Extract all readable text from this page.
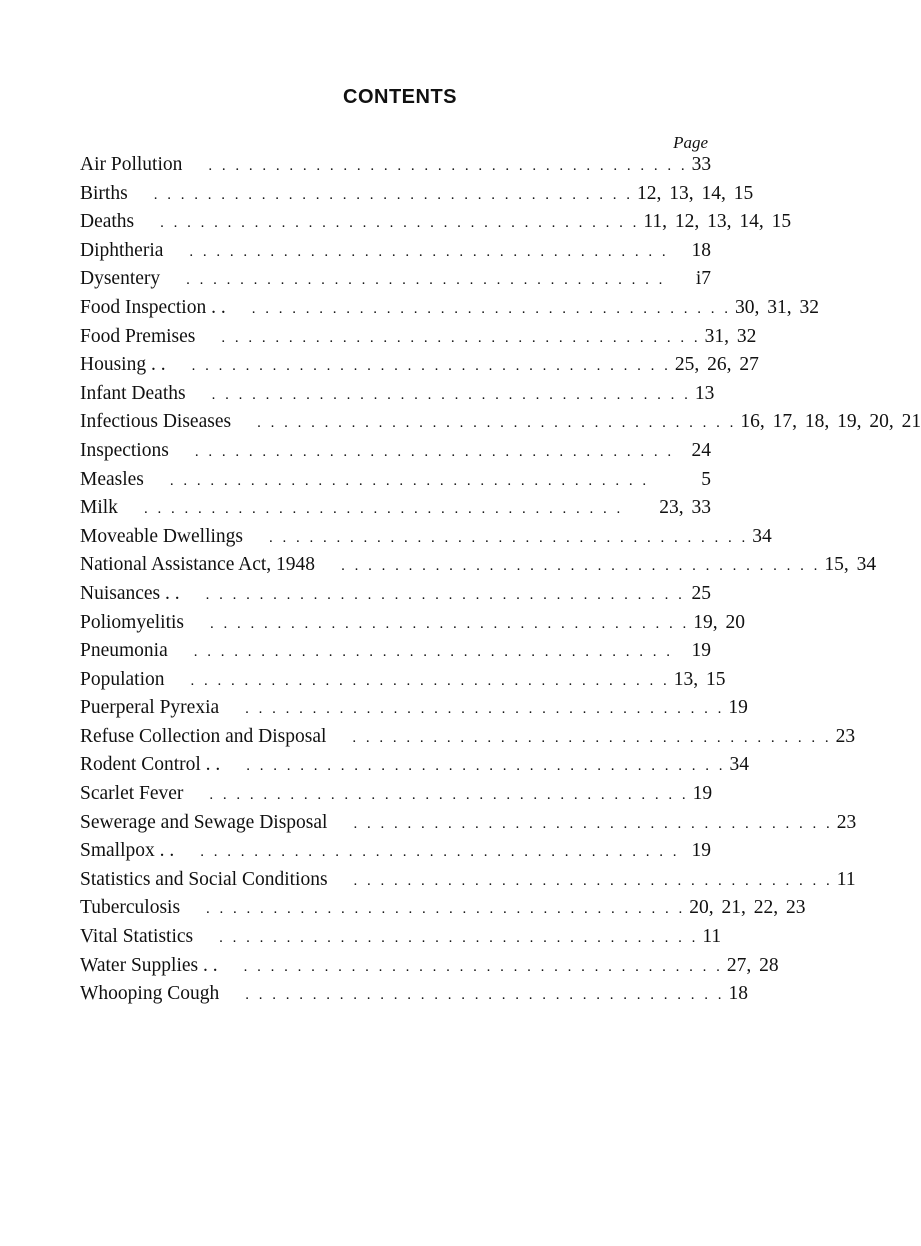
CONTENTS
Page
Air Pollution	. . . . . . . . . . . . . . . . . . . . . . . . . . . . . . . . . . . . 33
Births	. . . . . . . . . . . . . . . . . . . . . . . . . . . . . . . . . . . . 12, 13, 14, 15
Deaths	. . . . . . . . . . . . . . . . . . . . . . . . . . . . . . . . . . . . 11, 12, 13, 14, 15
Diphtheria	. . . . . . . . . . . . . . . . . . . . . . . . . . . . . . . . . . . .	18
Dysentery	. . . . . . . . . . . . . . . . . . . . . . . . . . . . . . . . . . . .	i7
Food Inspection . .	. . . . . . . . . . . . . . . . . . . . . . . . . . . . . . . . . . . . 30, 31, 32
Food Premises	. . . . . . . . . . . . . . . . . . . . . . . . . . . . . . . . . . . . 31, 32
Housing . .	. . . . . . . . . . . . . . . . . . . . . . . . . . . . . . . . . . . . 25, 26, 27
Infant Deaths	. . . . . . . . . . . . . . . . . . . . . . . . . . . . . . . . . . . . 13
Infectious Diseases	. . . . . . . . . . . . . . . . . . . . . . . . . . . . . . . . . . . . 16, 17, 18, 19, 20, 21
Inspections	. . . . . . . . . . . . . . . . . . . . . . . . . . . . . . . . . . . . 24
Measles	. . . . . . . . . . . . . . . . . . . . . . . . . . . . . . . . . . . .	5
Milk	. . . . . . . . . . . . . . . . . . . . . . . . . . . . . . . . . . . .	23, 33
Moveable Dwellings	. . . . . . . . . . . . . . . . . . . . . . . . . . . . . . . . . . . . 34
National Assistance Act, 1948	. . . . . . . . . . . . . . . . . . . . . . . . . . . . . . . . . . . . 15, 34
Nuisances . .	. . . . . . . . . . . . . . . . . . . . . . . . . . . . . . . . . . . . 25
Poliomyelitis	. . . . . . . . . . . . . . . . . . . . . . . . . . . . . . . . . . . . 19, 20
Pneumonia	. . . . . . . . . . . . . . . . . . . . . . . . . . . . . . . . . . . . 19
Population	. . . . . . . . . . . . . . . . . . . . . . . . . . . . . . . . . . . . 13, 15
Puerperal Pyrexia	. . . . . . . . . . . . . . . . . . . . . . . . . . . . . . . . . . . . 19
Refuse Collection and Disposal	. . . . . . . . . . . . . . . . . . . . . . . . . . . . . . . . . . . . 23
Rodent Control . .	. . . . . . . . . . . . . . . . . . . . . . . . . . . . . . . . . . . . 34
Scarlet Fever	. . . . . . . . . . . . . . . . . . . . . . . . . . . . . . . . . . . . 19
Sewerage and Sewage Disposal	. . . . . . . . . . . . . . . . . . . . . . . . . . . . . . . . . . . . 23
Smallpox . .	. . . . . . . . . . . . . . . . . . . . . . . . . . . . . . . . . . . . 19
Statistics and Social Conditions	. . . . . . . . . . . . . . . . . . . . . . . . . . . . . . . . . . . . 11
Tuberculosis	. . . . . . . . . . . . . . . . . . . . . . . . . . . . . . . . . . . . 20, 21, 22, 23
Vital Statistics	. . . . . . . . . . . . . . . . . . . . . . . . . . . . . . . . . . . . 11
Water Supplies . .	. . . . . . . . . . . . . . . . . . . . . . . . . . . . . . . . . . . . 27, 28
Whooping Cough	. . . . . . . . . . . . . . . . . . . . . . . . . . . . . . . . . . . . 18
